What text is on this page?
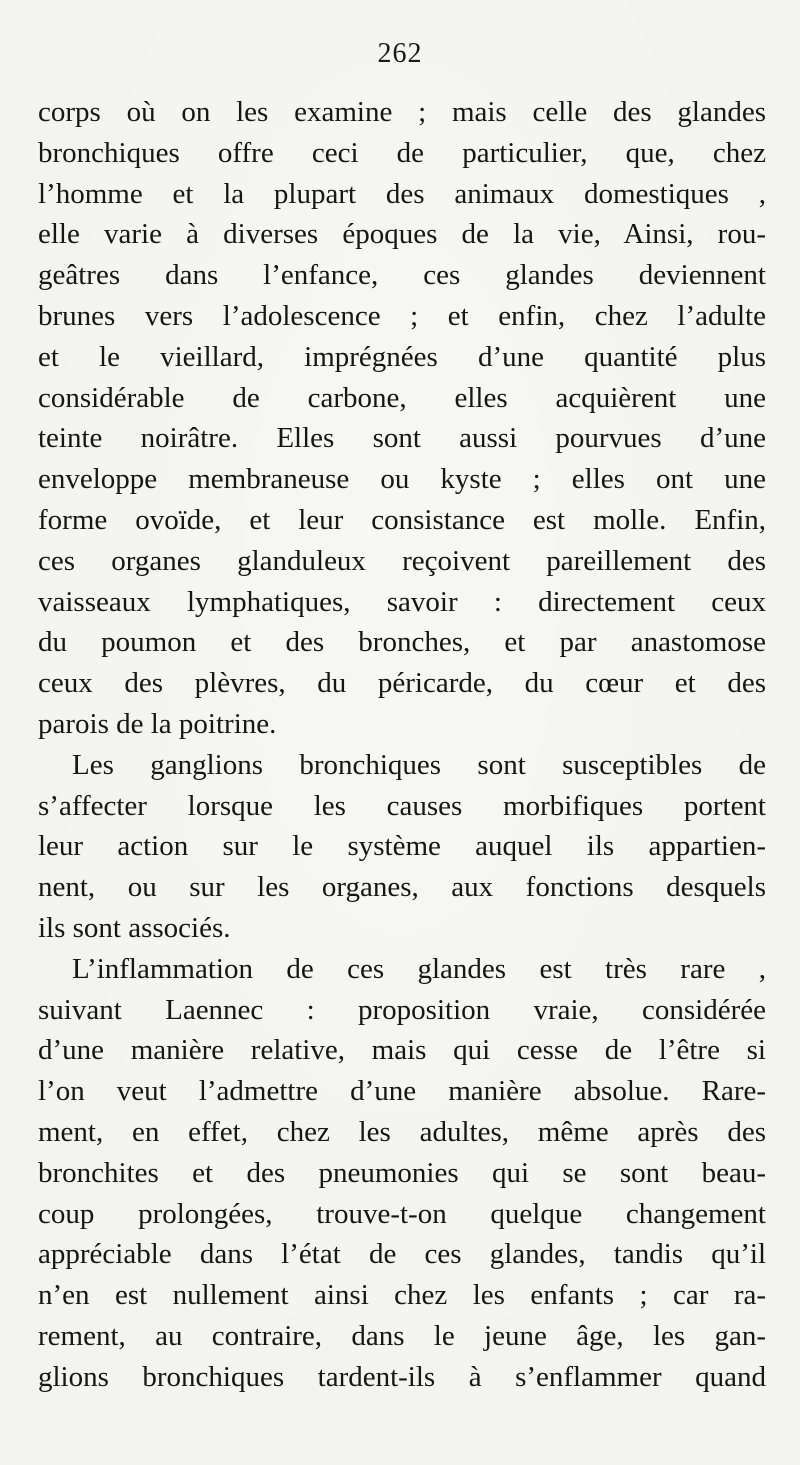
262
corps où on les examine ; mais celle des glandes
bronchiques offre ceci de particulier, que, chez
l’homme et la plupart des animaux domestiques ,
elle varie à diverses époques de la vie, Ainsi, rou-
geâtres dans l’enfance, ces glandes deviennent
brunes vers l’adolescence ; et enfin, chez l’adulte
et le vieillard, imprégnées d’une quantité plus
considérable de carbone, elles acquièrent une
teinte noirâtre. Elles sont aussi pourvues d’une
enveloppe membraneuse ou kyste ; elles ont une
forme ovoïde, et leur consistance est molle. Enfin,
ces organes glanduleux reçoivent pareillement des
vaisseaux lymphatiques, savoir : directement ceux
du poumon et des bronches, et par anastomose
ceux des plèvres, du péricarde, du cœur et des
parois de la poitrine.
Les ganglions bronchiques sont susceptibles de
s’affecter lorsque les causes morbifiques portent
leur action sur le système auquel ils appartien-
nent, ou sur les organes, aux fonctions desquels
ils sont associés.
L’inflammation de ces glandes est très rare ,
suivant Laennec : proposition vraie, considérée
d’une manière relative, mais qui cesse de l’être si
l’on veut l’admettre d’une manière absolue. Rare-
ment, en effet, chez les adultes, même après des
bronchites et des pneumonies qui se sont beau-
coup prolongées, trouve-t-on quelque changement
appréciable dans l’état de ces glandes, tandis qu’il
n’en est nullement ainsi chez les enfants ; car ra-
rement, au contraire, dans le jeune âge, les gan-
glions bronchiques tardent-ils à s’enflammer quand
